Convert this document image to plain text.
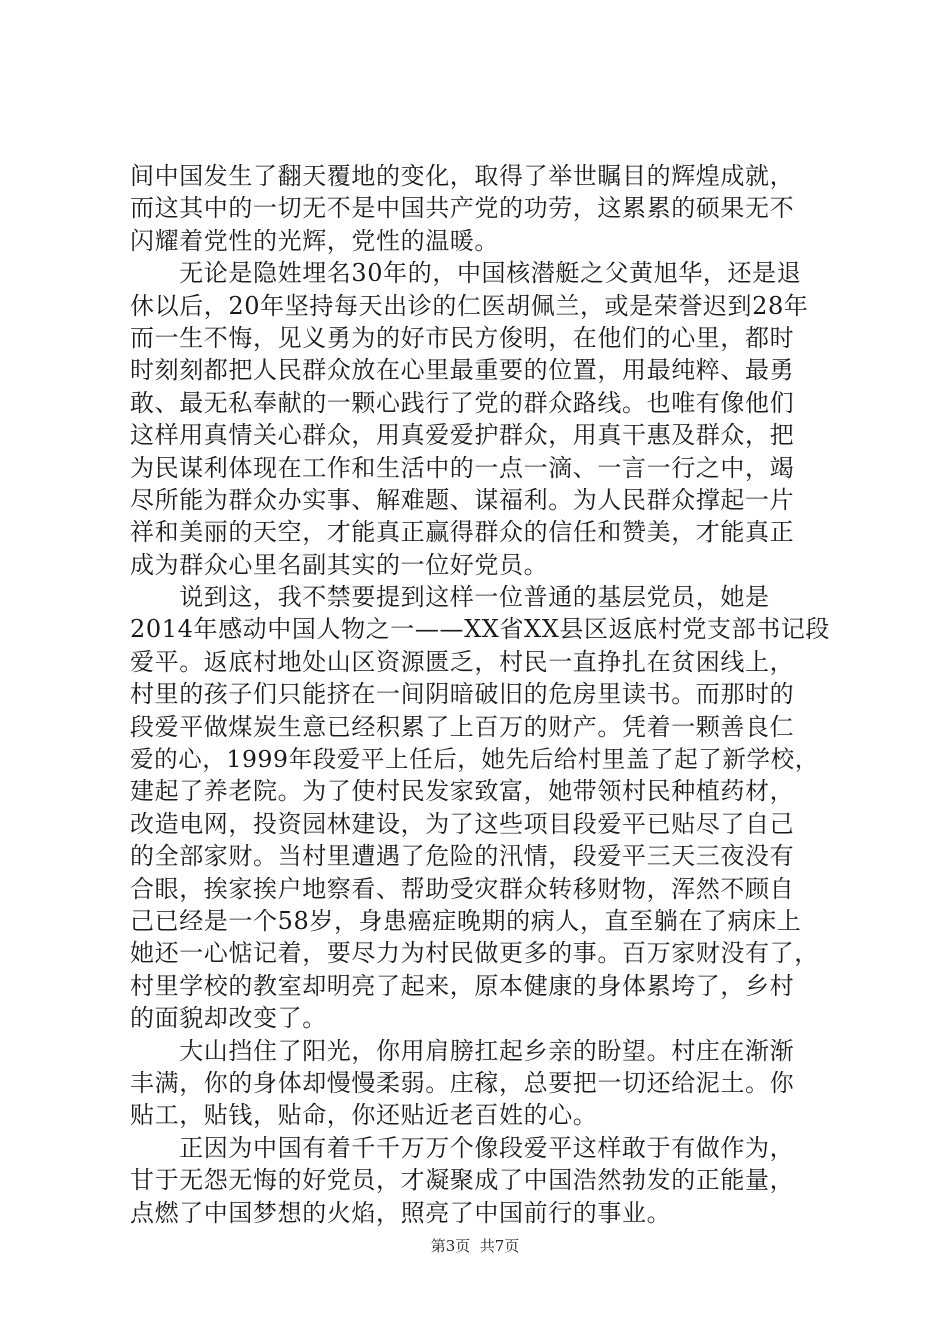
间中国发生了翻天覆地的变化，取得了举世瞩目的辉煌成就，
而这其中的一切无不是中国共产党的功劳，这累累的硕果无不
闪耀着党性的光辉，党性的温暖。
　　无论是隐姓埋名30年的，中国核潜艇之父黄旭华，还是退
休以后，20年坚持每天出诊的仁医胡佩兰，或是荣誉迟到28年
而一生不悔，见义勇为的好市民方俊明，在他们的心里，都时
时刻刻都把人民群众放在心里最重要的位置，用最纯粹、最勇
敢、最无私奉献的一颗心践行了党的群众路线。也唯有像他们
这样用真情关心群众，用真爱爱护群众，用真干惠及群众，把
为民谋利体现在工作和生活中的一点一滴、一言一行之中，竭
尽所能为群众办实事、解难题、谋福利。为人民群众撑起一片
祥和美丽的天空，才能真正赢得群众的信任和赞美，才能真正
成为群众心里名副其实的一位好党员。
　　说到这，我不禁要提到这样一位普通的基层党员，她是
2014年感动中国人物之一——XX省XX县区返底村党支部书记段
爱平。返底村地处山区资源匮乏，村民一直挣扎在贫困线上，
村里的孩子们只能挤在一间阴暗破旧的危房里读书。而那时的
段爱平做煤炭生意已经积累了上百万的财产。凭着一颗善良仁
爱的心，1999年段爱平上任后，她先后给村里盖了起了新学校，
建起了养老院。为了使村民发家致富，她带领村民种植药材，
改造电网，投资园林建设，为了这些项目段爱平已贴尽了自己
的全部家财。当村里遭遇了危险的汛情，段爱平三天三夜没有
合眼，挨家挨户地察看、帮助受灾群众转移财物，浑然不顾自
己已经是一个58岁，身患癌症晚期的病人，直至躺在了病床上
她还一心惦记着，要尽力为村民做更多的事。百万家财没有了，
村里学校的教室却明亮了起来，原本健康的身体累垮了，乡村
的面貌却改变了。
　　大山挡住了阳光，你用肩膀扛起乡亲的盼望。村庄在渐渐
丰满，你的身体却慢慢柔弱。庄稼，总要把一切还给泥土。你
贴工，贴钱，贴命，你还贴近老百姓的心。
　　正因为中国有着千千万万个像段爱平这样敢于有做作为，
甘于无怨无悔的好党员，才凝聚成了中国浩然勃发的正能量，
点燃了中国梦想的火焰，照亮了中国前行的事业。
第3页  共7页
